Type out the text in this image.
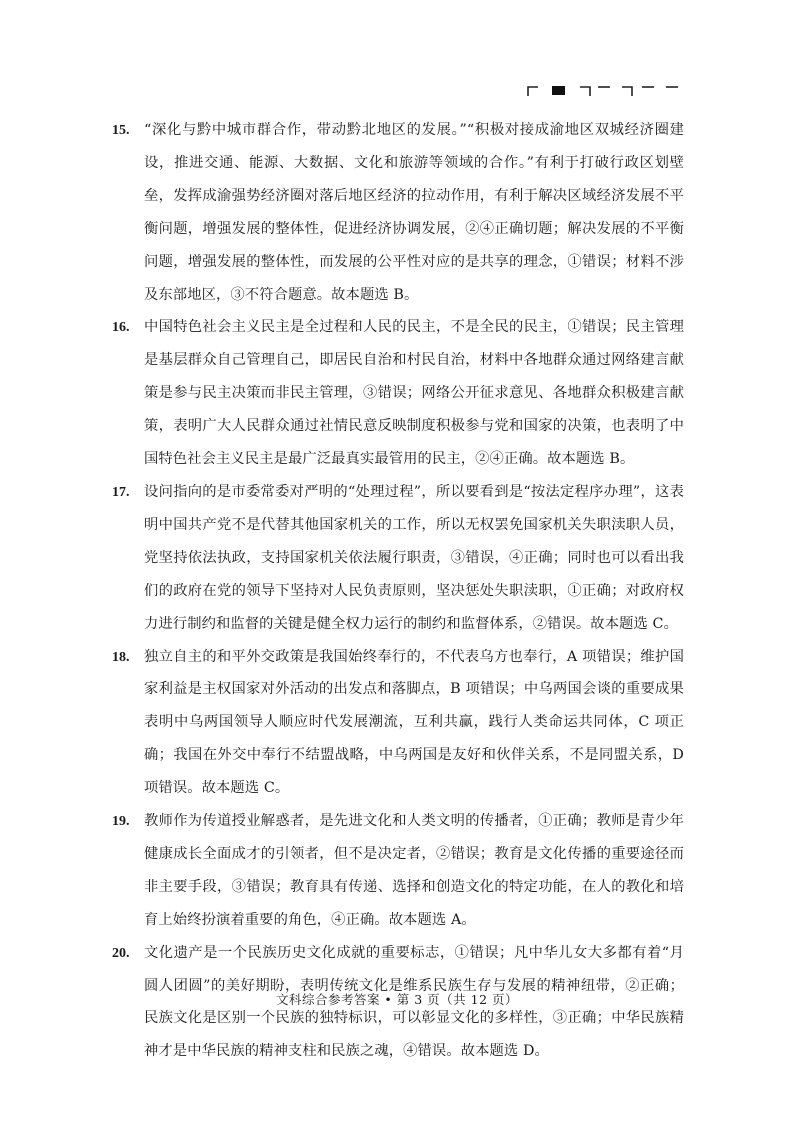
15.	“深化与黔中城市群合作，带动黔北地区的发展。”“积极对接成渝地区双城经济圈建设，推进交通、能源、大数据、文化和旅游等领域的合作。”有利于打破行政区划壁垒，发挥成渝强势经济圈对落后地区经济的拉动作用，有利于解决区域经济发展不平衡问题，增强发展的整体性，促进经济协调发展，②④正确切题；解决发展的不平衡问题，增强发展的整体性，而发展的公平性对应的是共享的理念，①错误；材料不涉及东部地区，③不符合题意。故本题选 B。

16.	中国特色社会主义民主是全过程和人民的民主，不是全民的民主，①错误；民主管理是基层群众自己管理自己，即居民自治和村民自治，材料中各地群众通过网络建言献策是参与民主决策而非民主管理，③错误；网络公开征求意见、各地群众积极建言献策，表明广大人民群众通过社情民意反映制度积极参与党和国家的决策，也表明了中国特色社会主义民主是最广泛最真实最管用的民主，②④正确。故本题选 B。

17.	设问指向的是市委常委对严明的“处理过程”，所以要看到是“按法定程序办理”，这表明中国共产党不是代替其他国家机关的工作，所以无权罢免国家机关失职渎职人员，党坚持依法执政，支持国家机关依法履行职责，③错误，④正确；同时也可以看出我们的政府在党的领导下坚持对人民负责原则，坚决惩处失职渎职，①正确；对政府权力进行制约和监督的关键是健全权力运行的制约和监督体系，②错误。故本题选 C。

18.	独立自主的和平外交政策是我国始终奉行的，不代表乌方也奉行，A 项错误；维护国家利益是主权国家对外活动的出发点和落脚点，B 项错误；中乌两国会谈的重要成果表明中乌两国领导人顺应时代发展潮流，互利共赢，践行人类命运共同体，C 项正确；我国在外交中奉行不结盟战略，中乌两国是友好和伙伴关系，不是同盟关系，D 项错误。故本题选 C。

19.	教师作为传道授业解惑者，是先进文化和人类文明的传播者，①正确；教师是青少年健康成长全面成才的引领者，但不是决定者，②错误；教育是文化传播的重要途径而非主要手段，③错误；教育具有传递、选择和创造文化的特定功能，在人的教化和培育上始终扮演着重要的角色，④正确。故本题选 A。

20.	文化遗产是一个民族历史文化成就的重要标志，①错误；凡中华儿女大多都有着“月圆人团圆”的美好期盼，表明传统文化是维系民族生存与发展的精神纽带，②正确；民族文化是区别一个民族的独特标识，可以彰显文化的多样性，③正确；中华民族精神才是中华民族的精神支柱和民族之魂，④错误。故本题选 D。

文科综合参考答案 • 第 3 页（共 12 页）
